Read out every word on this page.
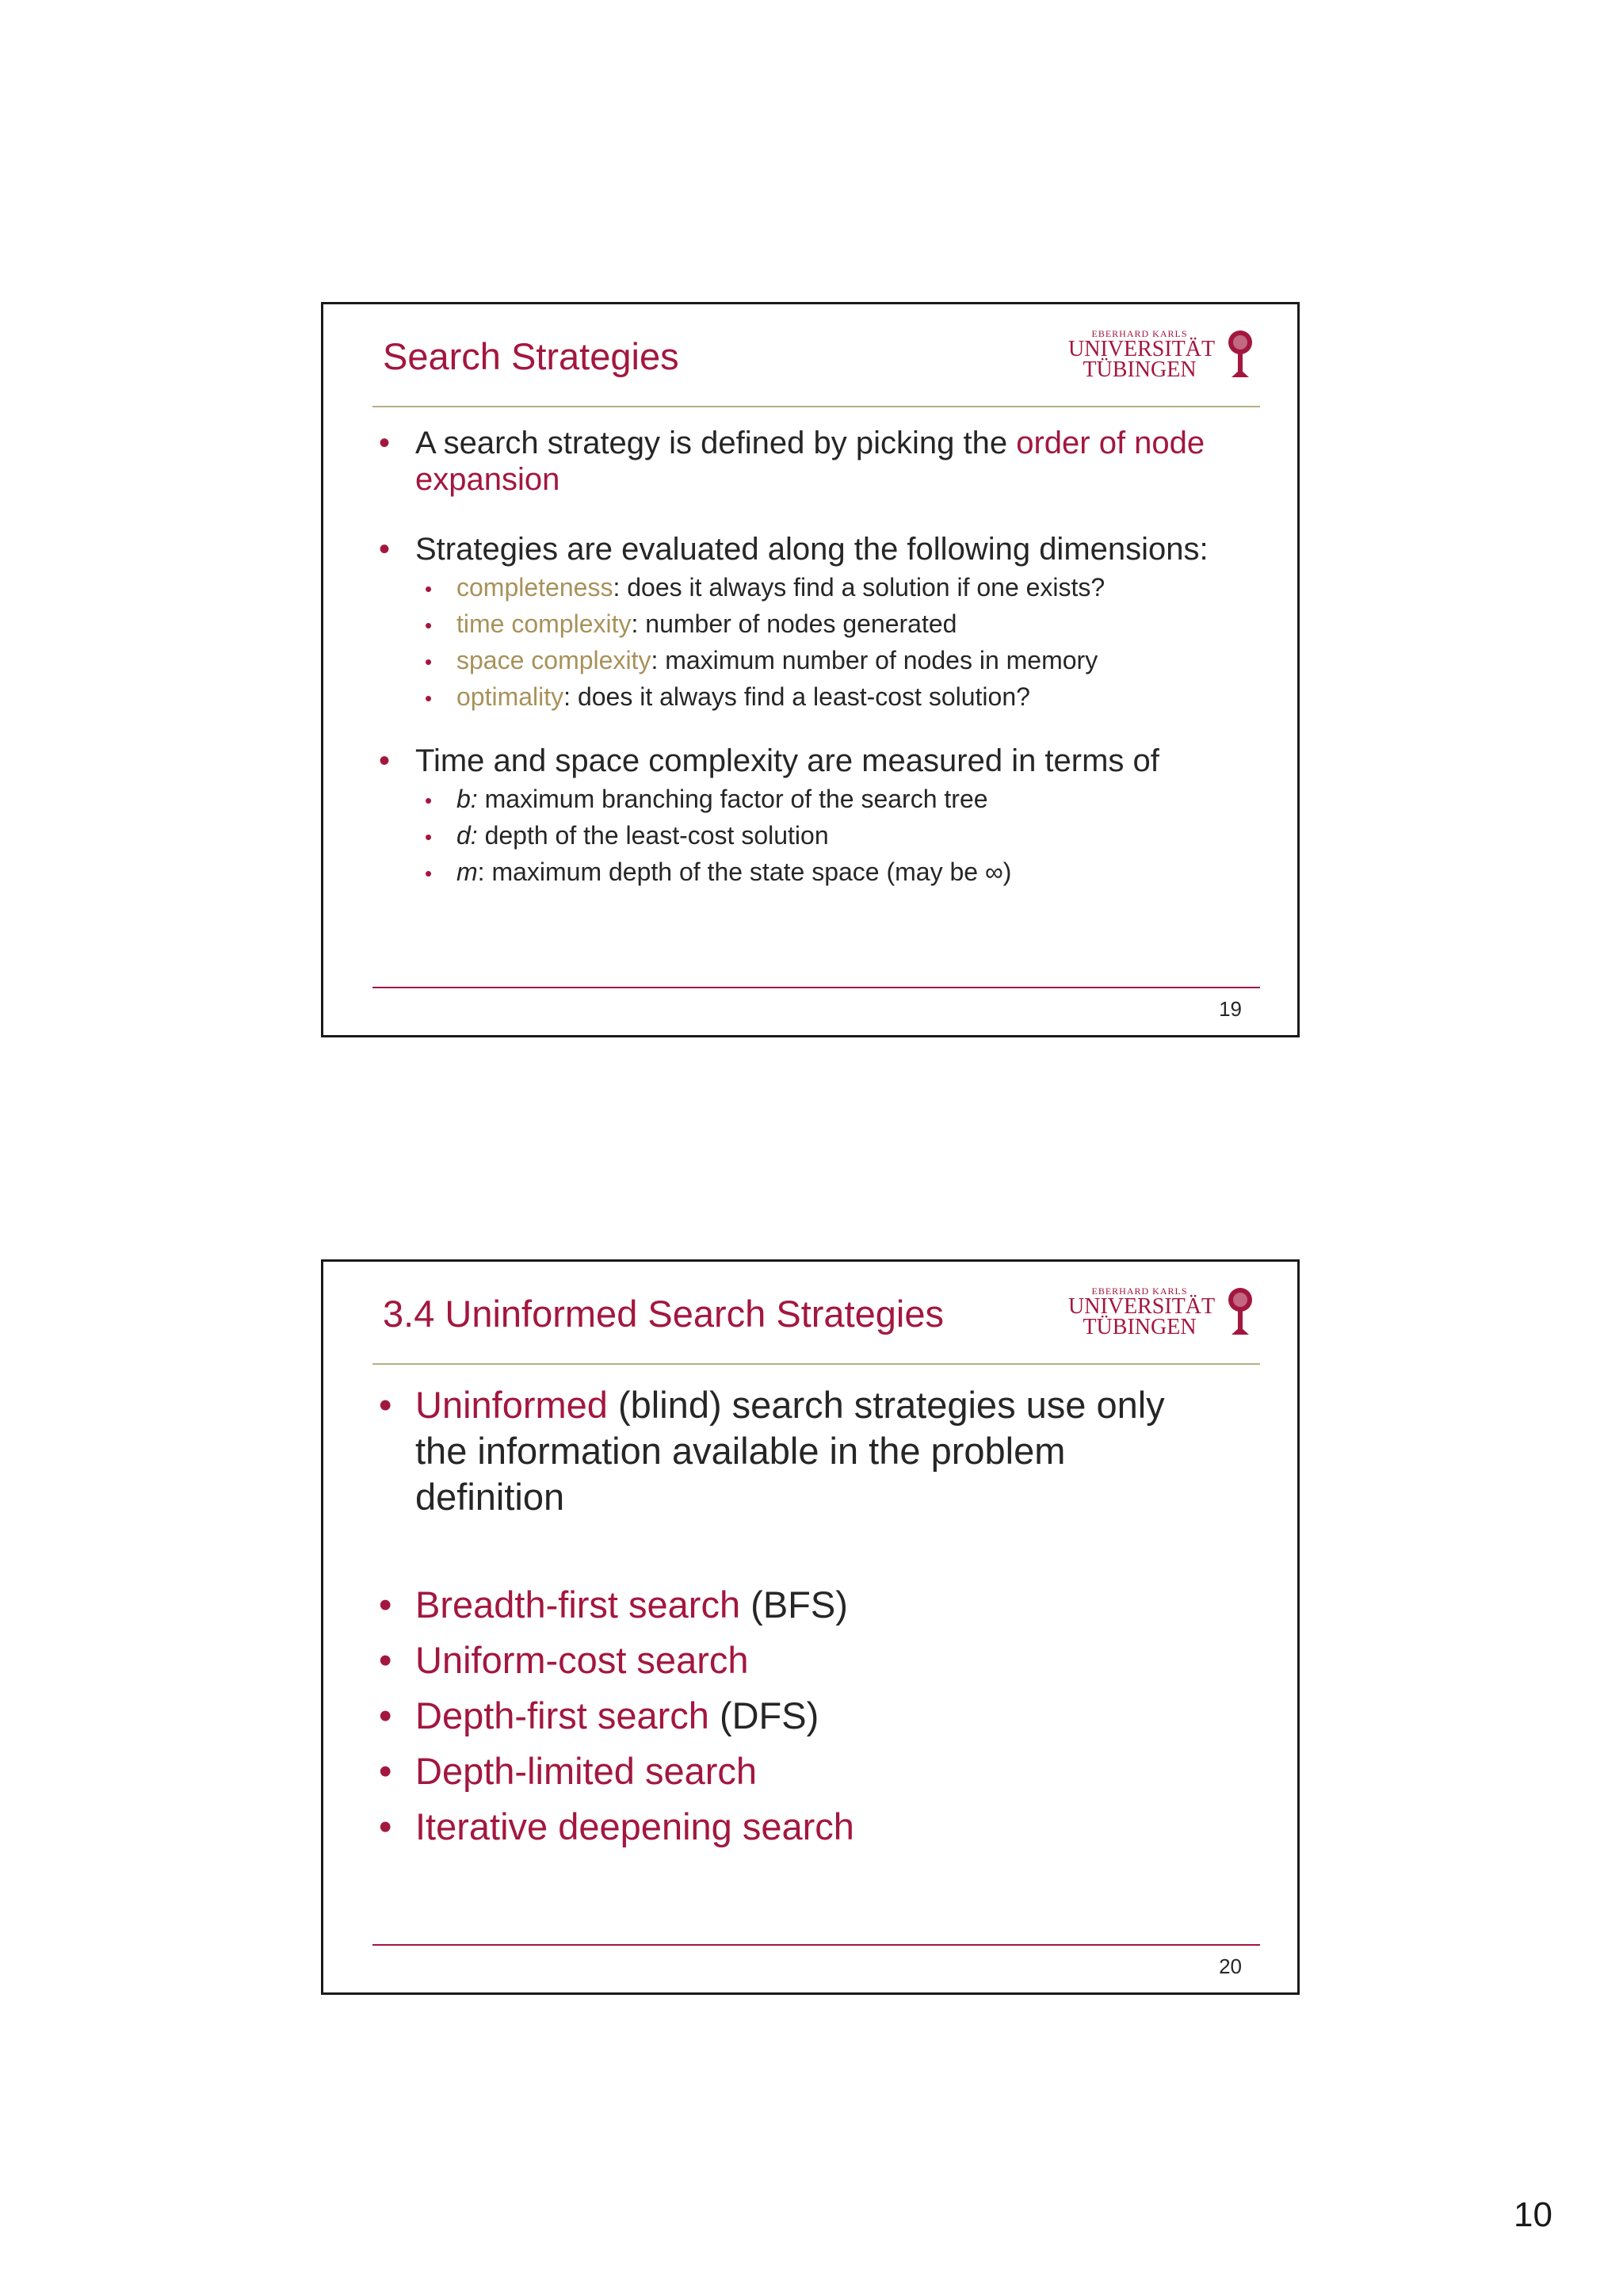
Search Strategies
EBERHARD KARLS
UNIVERSITÄT
TÜBINGEN
• A search strategy is defined by picking the order of node expansion
• Strategies are evaluated along the following dimensions:
• completeness: does it always find a solution if one exists?
• time complexity: number of nodes generated
• space complexity: maximum number of nodes in memory
• optimality: does it always find a least-cost solution?
• Time and space complexity are measured in terms of
• b: maximum branching factor of the search tree
• d: depth of the least-cost solution
• m: maximum depth of the state space (may be ∞)
19
3.4 Uninformed Search Strategies
EBERHARD KARLS
UNIVERSITÄT
TÜBINGEN
• Uninformed (blind) search strategies use only the information available in the problem definition
• Breadth-first search (BFS)
• Uniform-cost search
• Depth-first search (DFS)
• Depth-limited search
• Iterative deepening search
20
10
